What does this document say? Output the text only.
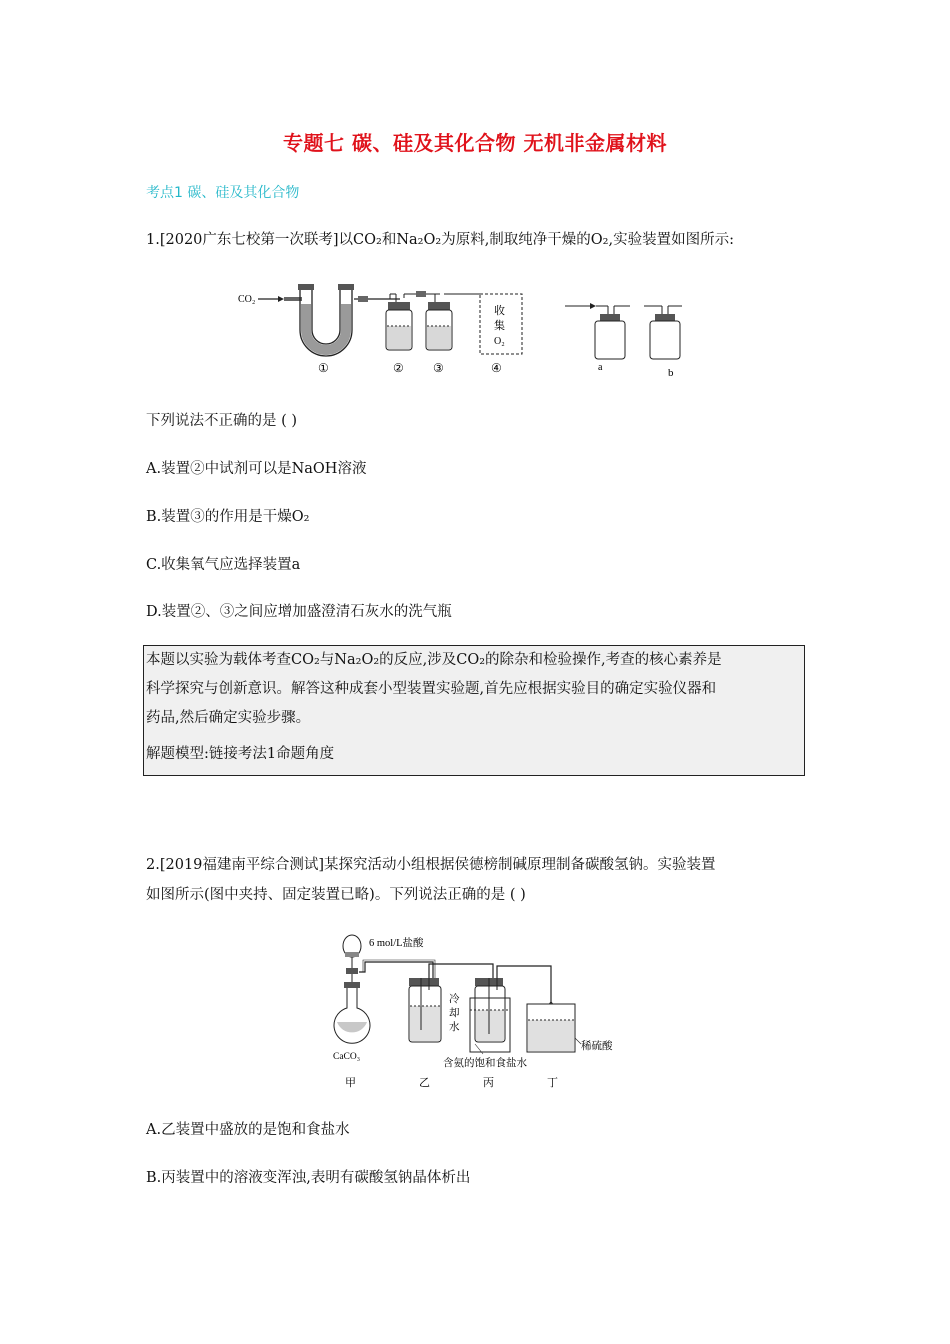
专题七 碳、硅及其化合物 无机非金属材料
考点1 碳、硅及其化合物
1.[2020广东七校第一次联考]以CO₂和Na₂O₂为原料,制取纯净干燥的O₂,实验装置如图所示:
CO₂
收
集
O₂
①	② ③	④	a	b
下列说法不正确的是 ( )
A.装置②中试剂可以是NaOH溶液
B.装置③的作用是干燥O₂
C.收集氧气应选择装置a
D.装置②、③之间应增加盛澄清石灰水的洗气瓶

本题以实验为载体考查CO₂与Na₂O₂的反应,涉及CO₂的除杂和检验操作,考查的核心素养是

科学探究与创新意识。解答这种成套小型装置实验题,首先应根据实验目的确定实验仪器和

药品,然后确定实验步骤。

解题模型:链接考法1命题角度

2.[2019福建南平综合测试]某探究活动小组根据侯德榜制碱原理制备碳酸氢钠。实验装置
如图所示(图中夹持、固定装置已略)。下列说法正确的是 ( )
6 mol/L盐酸
CaCO₃
冷
却
水
含氨的饱和食盐水
稀硫酸
甲	乙	丙	丁
A.乙装置中盛放的是饱和食盐水
B.丙装置中的溶液变浑浊,表明有碳酸氢钠晶体析出
